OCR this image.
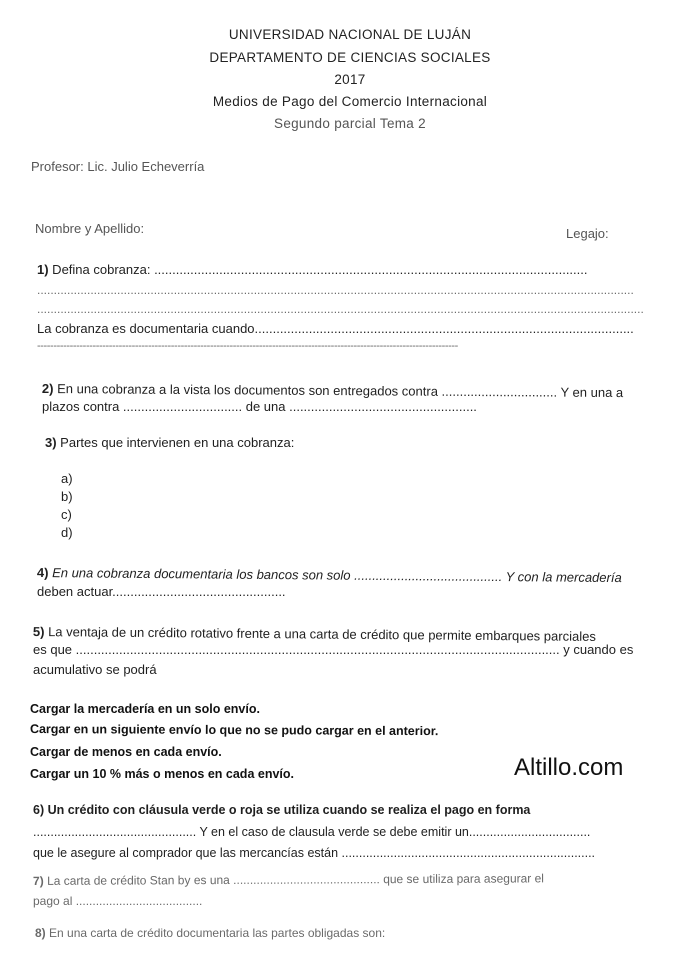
UNIVERSIDAD NACIONAL DE LUJÁN
DEPARTAMENTO DE CIENCIAS SOCIALES
2017
Medios de Pago del Comercio Internacional
Segundo parcial Tema 2
Profesor: Lic. Julio Echeverría
Nombre y Apellido:	Legajo:
1) Defina cobranza: ........................................................................................................................
...................................................................................................................................................................................
......................................................................................................................................................................................
La cobranza es documentaria cuando.........................................................................................................
---------------------------------------------------------------------------------------------------------------------------------
2) En una cobranza a la vista los documentos son entregados contra ................................ Y en una a
plazos contra ................................. de una ....................................................
3) Partes que intervienen en una cobranza:
a)
b)
c)
d)
4) En una cobranza documentaria los bancos son solo ......................................... Y con la mercadería
deben actuar................................................
5) La ventaja de un crédito rotativo frente a una carta de crédito que permite embarques parciales
es que ...................................................................................................................................... y cuando es
acumulativo se podrá
Cargar la mercadería en un solo envío.
Cargar en un siguiente envío lo que no se pudo cargar en el anterior.
Cargar de menos en cada envío.
Cargar un 10 % más o menos en cada envío.	Altillo.com
6) Un crédito con cláusula verde o roja se utiliza cuando se realiza el pago en forma
............................................... Y en el caso de clausula verde se debe emitir un...................................
que le asegure al comprador que las mercancías están .........................................................................
7) La carta de crédito Stan by es una ............................................ que se utiliza para asegurar el
pago al ......................................
8) En una carta de crédito documentaria las partes obligadas son:
